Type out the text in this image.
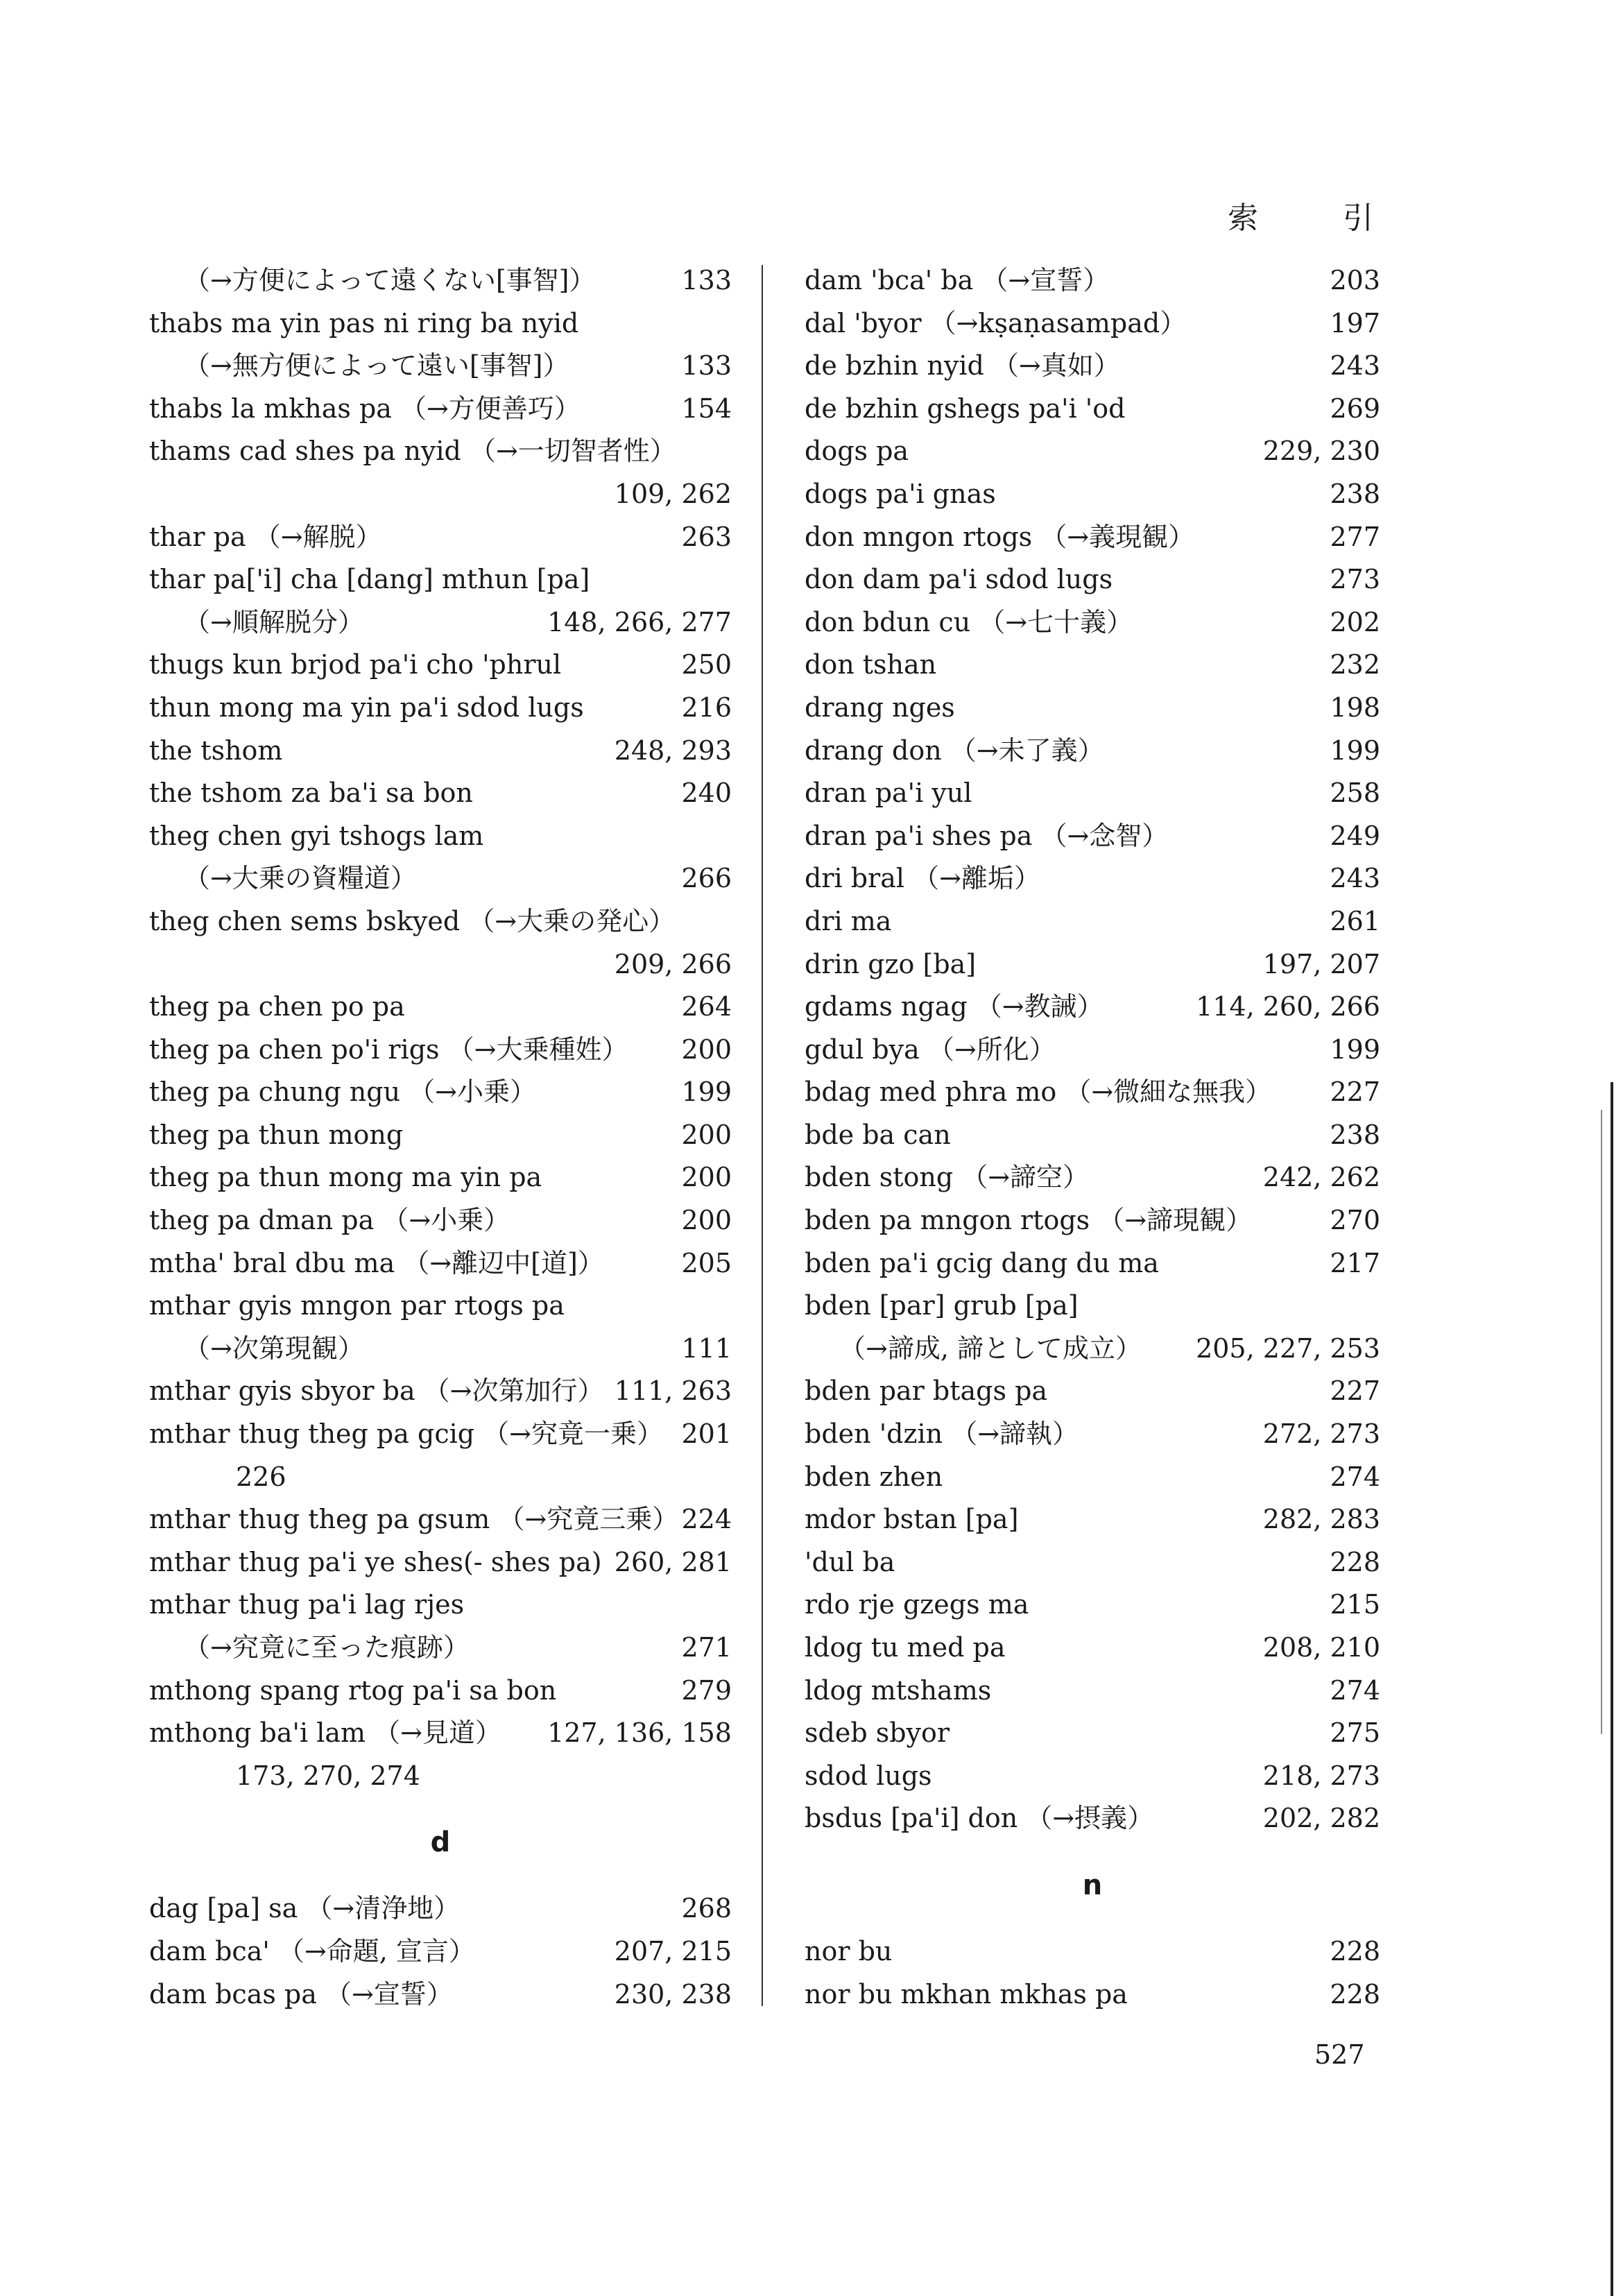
索	引
（→方便によって遠くない[事智]）	133
thabs ma yin pas ni ring ba nyid
（→無方便によって遠い[事智]）	133
thabs la mkhas pa （→方便善巧）	154
thams cad shes pa nyid （→一切智者性）
109, 262
thar pa （→解脱）	263
thar pa['i] cha [dang] mthun [pa]
（→順解脱分）	148, 266, 277
thugs kun brjod pa'i cho 'phrul	250
thun mong ma yin pa'i sdod lugs	216
the tshom	248, 293
the tshom za ba'i sa bon	240
theg chen gyi tshogs lam
（→大乗の資糧道）	266
theg chen sems bskyed （→大乗の発心）
209, 266
theg pa chen po pa	264
theg pa chen po'i rigs （→大乗種姓） 200
theg pa chung ngu （→小乗）	199
theg pa thun mong	200
theg pa thun mong ma yin pa	200
theg pa dman pa （→小乗）	200
mtha' bral dbu ma （→離辺中[道]）	205
mthar gyis mngon par rtogs pa
（→次第現観）	111
mthar gyis sbyor ba （→次第加行） 111, 263
mthar thug theg pa gcig （→究竟一乗） 201
226
mthar thug theg pa gsum （→究竟三乗） 224
mthar thug pa'i ye shes(- shes pa) 260, 281
mthar thug pa'i lag rjes
（→究竟に至った痕跡）	271
mthong spang rtog pa'i sa bon	279
mthong ba'i lam （→見道） 127, 136, 158
173, 270, 274
d
dag [pa] sa （→清浄地）	268
dam bca' （→命題, 宣言）	207, 215
dam bcas pa （→宣誓）	230, 238
dam 'bca' ba （→宣誓）	203
dal 'byor （→kṣaṇasampad）	197
de bzhin nyid （→真如）	243
de bzhin gshegs pa'i 'od	269
dogs pa	229, 230
dogs pa'i gnas	238
don mngon rtogs （→義現観）	277
don dam pa'i sdod lugs	273
don bdun cu （→七十義）	202
don tshan	232
drang nges	198
drang don （→未了義）	199
dran pa'i yul	258
dran pa'i shes pa （→念智）	249
dri bral （→離垢）	243
dri ma	261
drin gzo [ba]	197, 207
gdams ngag （→教誡）	114, 260, 266
gdul bya （→所化）	199
bdag med phra mo （→微細な無我） 227
bde ba can	238
bden stong （→諦空）	242, 262
bden pa mngon rtogs （→諦現観）	270
bden pa'i gcig dang du ma	217
bden [par] grub [pa]
（→諦成, 諦として成立） 205, 227, 253
bden par btags pa	227
bden 'dzin （→諦執）	272, 273
bden zhen	274
mdor bstan [pa]	282, 283
'dul ba	228
rdo rje gzegs ma	215
ldog tu med pa	208, 210
ldog mtshams	274
sdeb sbyor	275
sdod lugs	218, 273
bsdus [pa'i] don （→摂義）	202, 282
n
nor bu	228
nor bu mkhan mkhas pa	228
527
